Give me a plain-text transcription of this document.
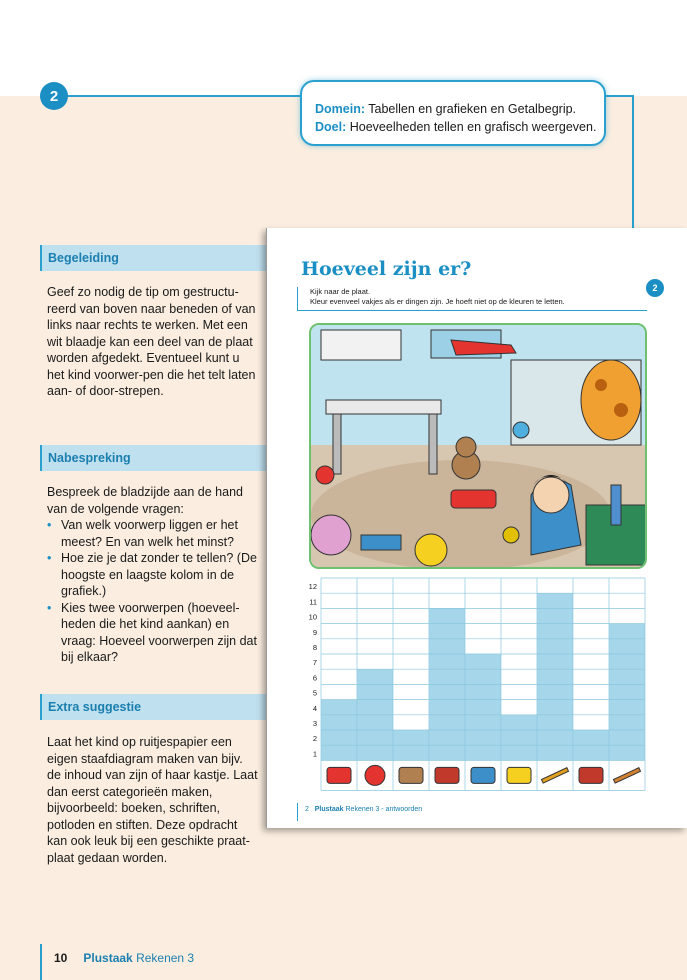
2
Domein: Tabellen en grafieken en Getalbegrip.
Doel: Hoeveelheden tellen en grafisch weergeven.
Begeleiding
Geef zo nodig de tip om gestructu-reerd van boven naar beneden of van links naar rechts te werken. Met een wit blaadje kan een deel van de plaat worden afgedekt. Eventueel kunt u het kind voorwer-pen die het telt laten aan- of door-strepen.
Nabespreking
Bespreek de bladzijde aan de hand van de volgende vragen:
• Van welk voorwerp liggen er het meest? En van welk het minst?
• Hoe zie je dat zonder te tellen? (De hoogste en laagste kolom in de grafiek.)
• Kies twee voorwerpen (hoeveel-heden die het kind aankan) en vraag: Hoeveel voorwerpen zijn dat bij elkaar?
Extra suggestie
Laat het kind op ruitjespapier een eigen staafdiagram maken van bijv. de inhoud van zijn of haar kastje. Laat dan eerst categorieën maken, bijvoorbeeld: boeken, schriften, potloden en stiften. Deze opdracht kan ook leuk bij een geschikte praat-plaat gedaan worden.
10 Plustaak Rekenen 3
Hoeveel zijn er?
2
Kijk naar de plaat.
Kleur evenveel vakjes als er dingen zijn. Je hoeft niet op de kleuren te letten.
1
2
3
4
5
6
7
8
9
10
11
12
2 Plustaak Rekenen 3 - antwoorden
